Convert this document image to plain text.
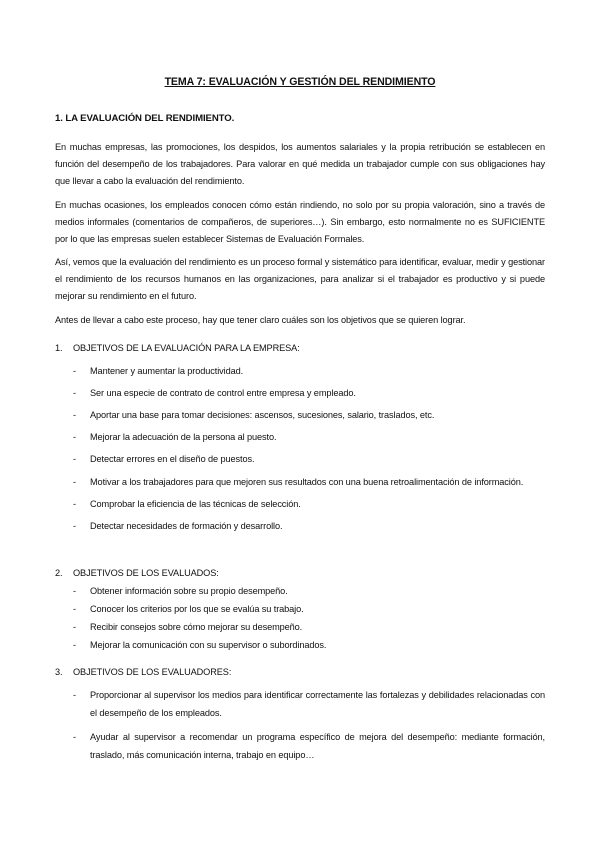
TEMA 7: EVALUACIÓN Y GESTIÓN DEL RENDIMIENTO
1. LA EVALUACIÓN DEL RENDIMIENTO.
En muchas empresas, las promociones, los despidos, los aumentos salariales y la propia retribución se establecen en función del desempeño de los trabajadores. Para valorar en qué medida un trabajador cumple con sus obligaciones hay que llevar a cabo la evaluación del rendimiento.
En muchas ocasiones, los empleados conocen cómo están rindiendo, no solo por su propia valoración, sino a través de medios informales (comentarios de compañeros, de superiores…). Sin embargo, esto normalmente no es SUFICIENTE por lo que las empresas suelen establecer Sistemas de Evaluación Formales.
Así, vemos que la evaluación del rendimiento es un proceso formal y sistemático para identificar, evaluar, medir y gestionar el rendimiento de los recursos humanos en las organizaciones, para analizar si el trabajador es productivo y si puede mejorar su rendimiento en el futuro.
Antes de llevar a cabo este proceso, hay que tener claro cuáles son los objetivos que se quieren lograr.
1. OBJETIVOS DE LA EVALUACIÓN PARA LA EMPRESA:
- Mantener y aumentar la productividad.
- Ser una especie de contrato de control entre empresa y empleado.
- Aportar una base para tomar decisiones: ascensos, sucesiones, salario, traslados, etc.
- Mejorar la adecuación de la persona al puesto.
- Detectar errores en el diseño de puestos.
- Motivar a los trabajadores para que mejoren sus resultados con una buena retroalimentación de información.
- Comprobar la eficiencia de las técnicas de selección.
- Detectar necesidades de formación y desarrollo.
2. OBJETIVOS DE LOS EVALUADOS:
- Obtener información sobre su propio desempeño.
- Conocer los criterios por los que se evalúa su trabajo.
- Recibir consejos sobre cómo mejorar su desempeño.
- Mejorar la comunicación con su supervisor o subordinados.
3. OBJETIVOS DE LOS EVALUADORES:
- Proporcionar al supervisor los medios para identificar correctamente las fortalezas y debilidades relacionadas con el desempeño de los empleados.
- Ayudar al supervisor a recomendar un programa específico de mejora del desempeño: mediante formación, traslado, más comunicación interna, trabajo en equipo…
